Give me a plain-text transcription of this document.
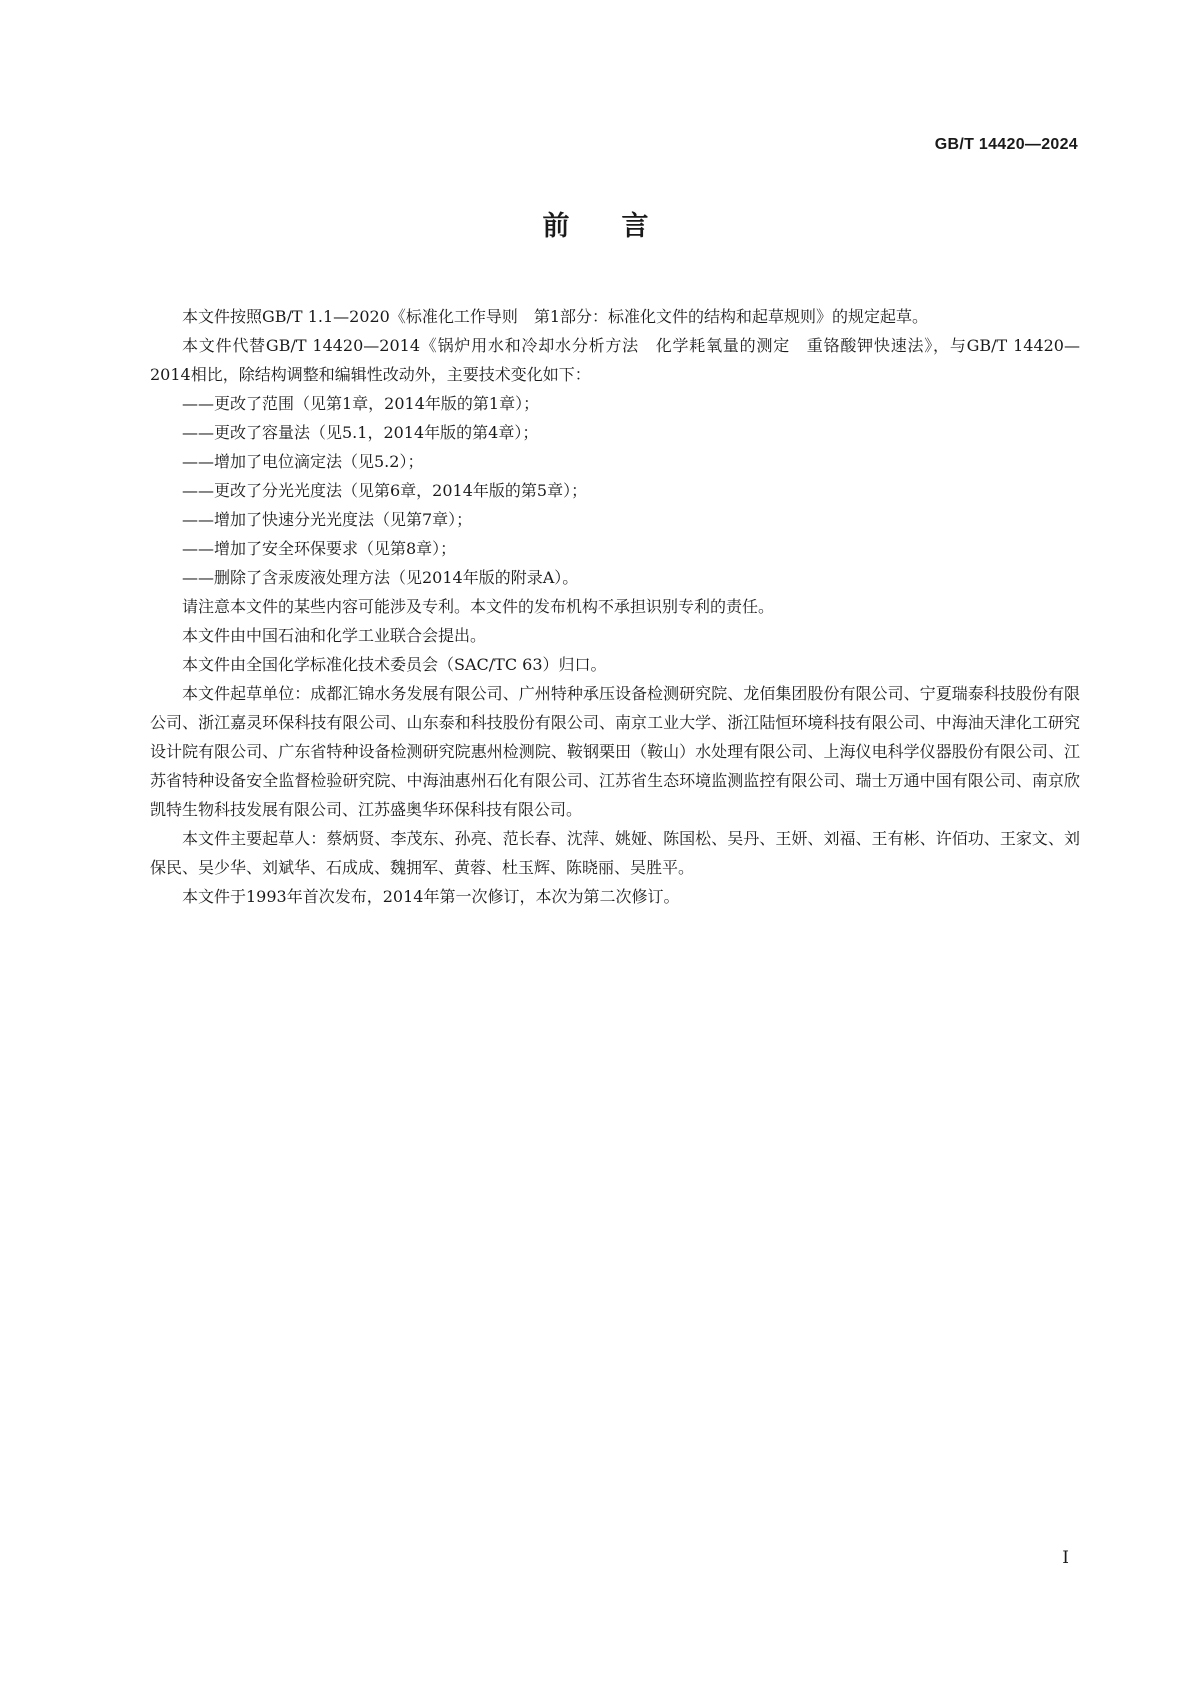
GB/T 14420—2024
前言

本文件按照GB/T 1.1—2020《标准化工作导则　第1部分：标准化文件的结构和起草规则》的规定起草。

本文件代替GB/T 14420—2014《锅炉用水和冷却水分析方法　化学耗氧量的测定　重铬酸钾快速法》，与GB/T 14420—2014相比，除结构调整和编辑性改动外，主要技术变化如下：

——更改了范围（见第1章，2014年版的第1章）；

——更改了容量法（见5.1，2014年版的第4章）；

——增加了电位滴定法（见5.2）；

——更改了分光光度法（见第6章，2014年版的第5章）；

——增加了快速分光光度法（见第7章）；

——增加了安全环保要求（见第8章）；

——删除了含汞废液处理方法（见2014年版的附录A）。

请注意本文件的某些内容可能涉及专利。本文件的发布机构不承担识别专利的责任。

本文件由中国石油和化学工业联合会提出。

本文件由全国化学标准化技术委员会（SAC/TC 63）归口。

本文件起草单位：成都汇锦水务发展有限公司、广州特种承压设备检测研究院、龙佰集团股份有限公司、宁夏瑞泰科技股份有限公司、浙江嘉灵环保科技有限公司、山东泰和科技股份有限公司、南京工业大学、浙江陆恒环境科技有限公司、中海油天津化工研究设计院有限公司、广东省特种设备检测研究院惠州检测院、鞍钢栗田（鞍山）水处理有限公司、上海仪电科学仪器股份有限公司、江苏省特种设备安全监督检验研究院、中海油惠州石化有限公司、江苏省生态环境监测监控有限公司、瑞士万通中国有限公司、南京欣凯特生物科技发展有限公司、江苏盛奥华环保科技有限公司。

本文件主要起草人：蔡炳贤、李茂东、孙亮、范长春、沈萍、姚娅、陈国松、吴丹、王妍、刘福、王有彬、许佰功、王家文、刘保民、吴少华、刘斌华、石成成、魏拥军、黄蓉、杜玉辉、陈晓丽、吴胜平。

本文件于1993年首次发布，2014年第一次修订，本次为第二次修订。

I
